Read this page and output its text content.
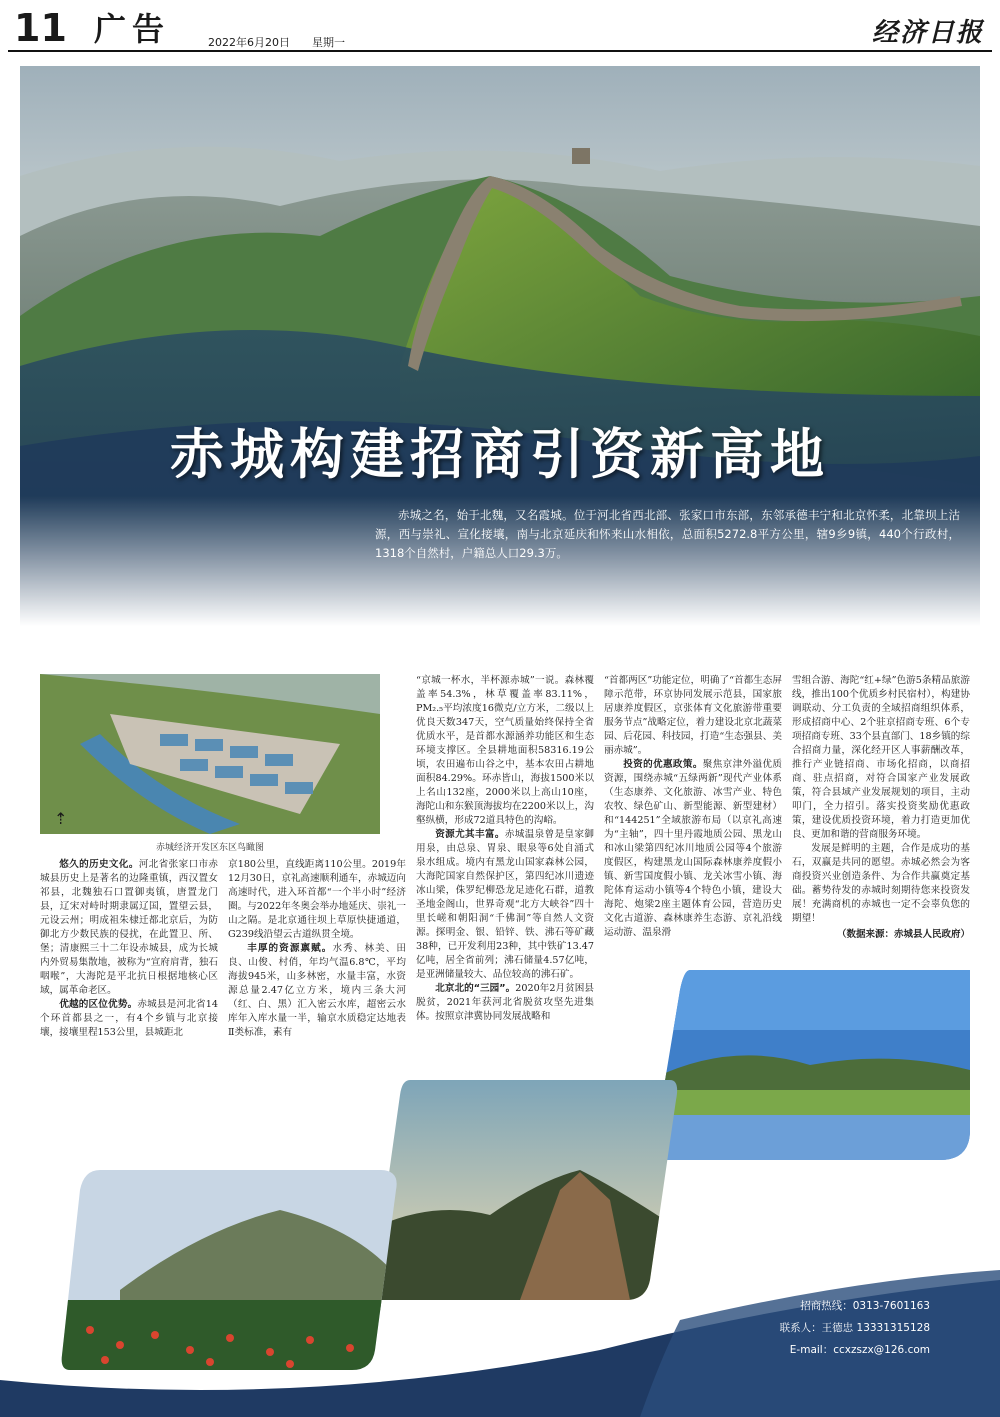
11 广告	2022年6月20日 星期一	经济日报
赤城构建招商引资新高地
赤城之名，始于北魏，又名霞城。位于河北省西北部、张家口市东部，东邻承德丰宁和北京怀柔，北靠坝上沽源，西与崇礼、宣化接壤，南与北京延庆和怀来山水相依，总面积5272.8平方公里，辖9乡9镇，440个行政村，1318个自然村，户籍总人口29.3万。
⇡
赤城经济开发区东区鸟瞰图

悠久的历史文化。河北省张家口市赤城县历史上是著名的边隆重镇，西汉置女祁县，北魏独石口置御夷镇，唐置龙门县，辽宋对峙时期隶属辽国，置望云县，元设云州；明成祖朱棣迁都北京后，为防御北方少数民族的侵扰，在此置卫、所、堡；清康熙三十二年设赤城县，成为长城内外贸易集散地，被称为“宣府肩背，独石咽喉”，大海陀是平北抗日根据地核心区域，属革命老区。

优越的区位优势。赤城县是河北省14个环首都县之一，有4个乡镇与北京接壤，接壤里程153公里，县城距北

京180公里，直线距离110公里。2019年12月30日，京礼高速顺利通车，赤城迈向高速时代，进入环首都“一个半小时”经济圈。与2022年冬奥会举办地延庆、崇礼一山之隔。是北京通往坝上草原快捷通道，G239线沿望云古道纵贯全境。

丰厚的资源禀赋。水秀、林美、田良、山俊、村俏，年均气温6.8℃，平均海拔945米，山多林密，水量丰富，水资源总量2.47亿立方米，境内三条大河（红、白、黑）汇入密云水库，超密云水库年入库水量一半，输京水质稳定达地表Ⅱ类标准，素有

“京城一杯水，半杯源赤城”一说。森林覆盖率54.3%，林草覆盖率83.11%，PM₂.₅平均浓度16微克/立方米，二级以上优良天数347天，空气质量始终保持全省优质水平，是首都水源涵养功能区和生态环境支撑区。全县耕地面积58316.19公顷，农田遍布山谷之中，基本农田占耕地面积84.29%。环赤皆山，海拔1500米以上名山132座，2000米以上高山10座，海陀山和东猴顶海拔均在2200米以上，沟壑纵横，形成72道具特色的沟峪。

资源尤其丰富。赤城温泉曾是皇家御用泉，由总泉、胃泉、眼泉等6处自涌式泉水组成。境内有黑龙山国家森林公园，大海陀国家自然保护区，第四纪冰川遗迹冰山梁，侏罗纪柳恐龙足迹化石群，道教圣地金阁山，世界奇观“北方大峡谷”四十里长嵯和朝阳洞“千佛洞”等自然人文资源。探明金、银、铅锌、铁、沸石等矿藏38种，已开发利用23种，其中铁矿13.47亿吨，居全省前列；沸石储量4.57亿吨，是亚洲储量较大、品位较高的沸石矿。

北京北的“三园”。2020年2月贫困县脱贫，2021年获河北省脱贫攻坚先进集体。按照京津冀协同发展战略和

“首都两区”功能定位，明确了“首都生态屏障示范带，环京协同发展示范县，国家旅居康养度假区，京张体育文化旅游带重要服务节点”战略定位，着力建设北京北蔬菜园、后花园、科技园，打造“生态强县、美丽赤城”。

投资的优惠政策。聚焦京津外溢优质资源，围绕赤城“五绿两新”现代产业体系（生态康养、文化旅游、冰雪产业、特色农牧、绿色矿山、新型能源、新型建材）和“144251”全域旅游布局（以京礼高速为“主轴”，四十里丹霞地质公园、黑龙山和冰山梁第四纪冰川地质公园等4个旅游度假区，构建黑龙山国际森林康养度假小镇、新雪国度假小镇、龙关冰雪小镇、海陀体育运动小镇等4个特色小镇，建设大海陀、炮梁2座主题体育公园，营造历史文化古道游、森林康养生态游、京礼沿线运动游、温泉滑

雪组合游、海陀“红+绿”色游5条精品旅游线，推出100个优质乡村民宿村），构建协调联动、分工负责的全域招商组织体系，形成招商中心、2个驻京招商专班、6个专项招商专班、33个县直部门、18乡镇的综合招商力量，深化经开区人事薪酬改革，推行产业链招商、市场化招商，以商招商、驻点招商，对符合国家产业发展政策，符合县域产业发展规划的项目，主动叩门，全力招引。落实投资奖励优惠政策，建设优质投资环境，着力打造更加优良、更加和谐的营商服务环境。

发展是鲜明的主题，合作是成功的基石，双赢是共同的愿望。赤城必然会为客商投资兴业创造条件、为合作共赢奠定基础。蓄势待发的赤城时刻期待您来投资发展！充满商机的赤城也一定不会辜负您的期望！

（数据来源：赤城县人民政府）
招商热线：0313-7601163
联系人：王德忠 13331315128
E-mail：ccxzszx@126.com
